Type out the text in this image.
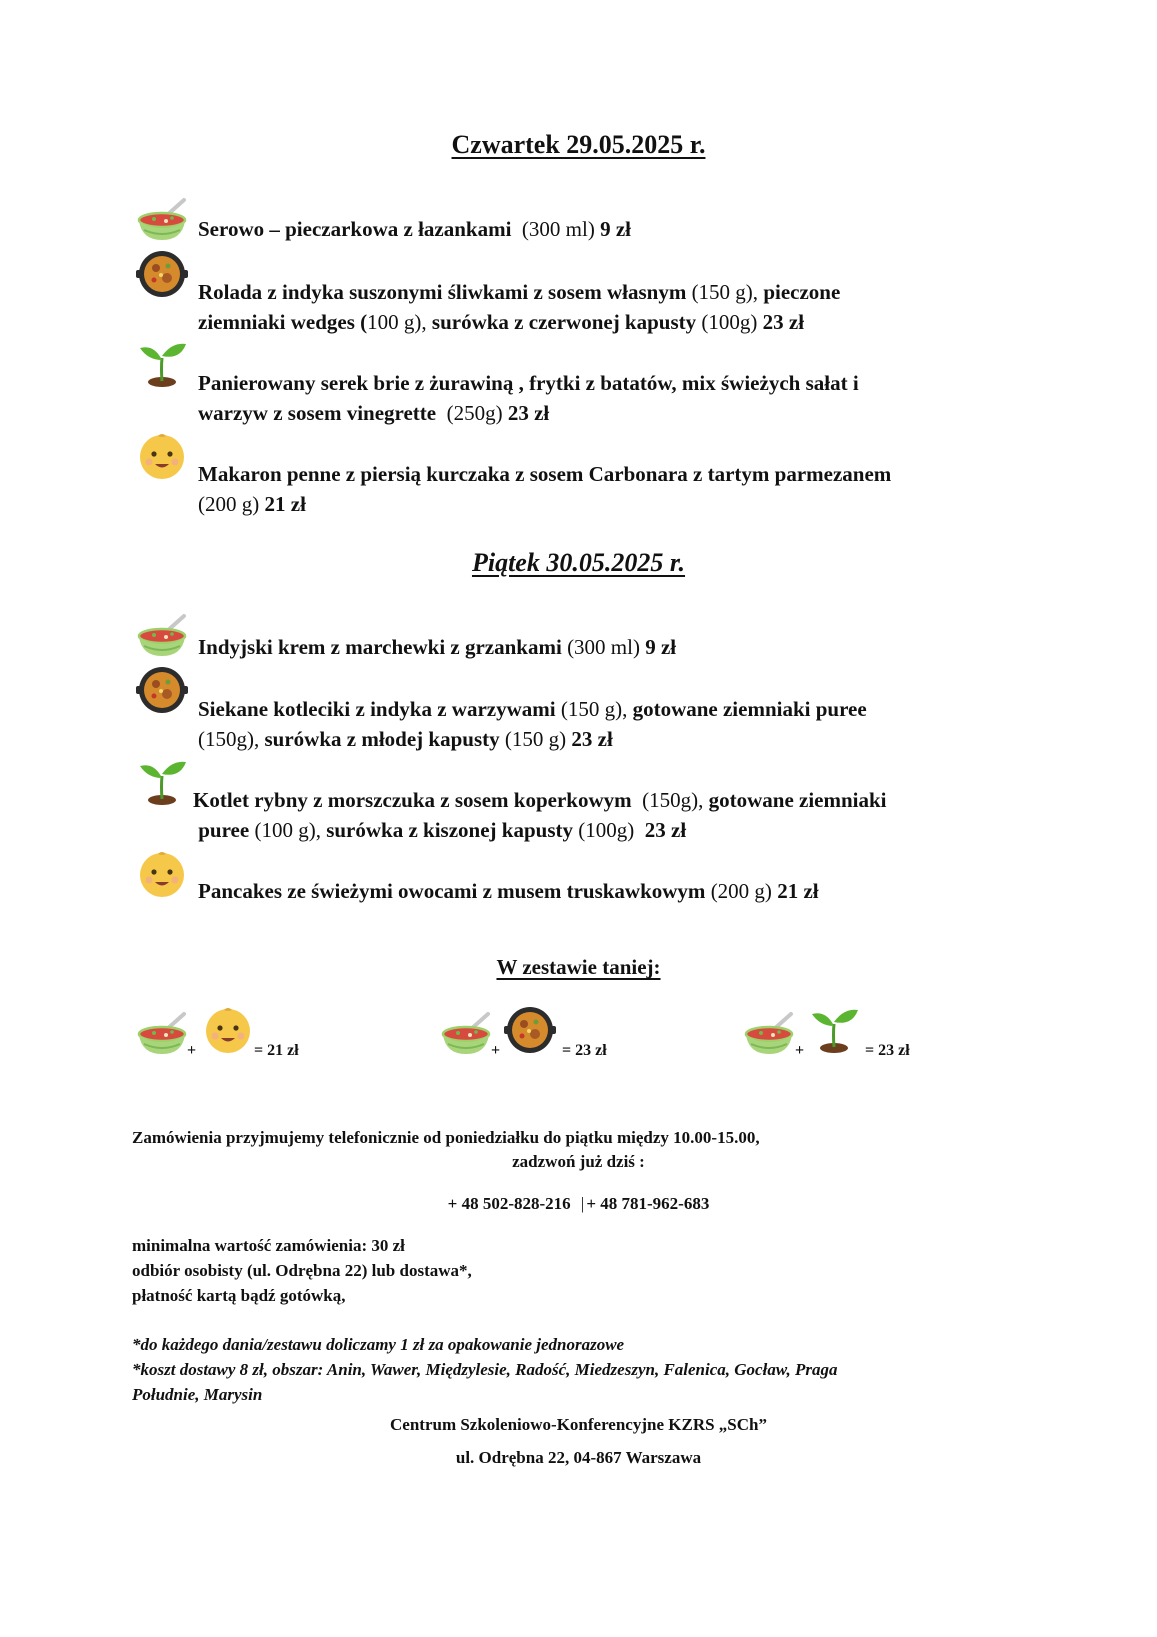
Czwartek 29.05.2025 r.
Serowo – pieczarkowa z łazankami  (300 ml) 9 zł
Rolada z indyka suszonymi śliwkami z sosem własnym (150 g), pieczone
ziemniaki wedges (100 g), surówka z czerwonej kapusty (100g) 23 zł
Panierowany serek brie z żurawiną , frytki z batatów, mix świeżych sałat i
warzyw z sosem vinegrette  (250g) 23 zł
Makaron penne z piersią kurczaka z sosem Carbonara z tartym parmezanem
(200 g) 21 zł
Piątek 30.05.2025 r.
Indyjski krem z marchewki z grzankami (300 ml) 9 zł
Siekane kotleciki z indyka z warzywami (150 g), gotowane ziemniaki puree
(150g), surówka z młodej kapusty (150 g) 23 zł
Kotlet rybny z morszczuka z sosem koperkowym  (150g), gotowane ziemniaki
puree (100 g), surówka z kiszonej kapusty (100g)  23 zł
Pancakes ze świeżymi owocami z musem truskawkowym (200 g) 21 zł
W zestawie taniej:
+	= 21 zł	+	= 23 zł	+	= 23 zł
Zamówienia przyjmujemy telefonicznie od poniedziałku do piątku między 10.00-15.00,
zadzwoń już dziś :
+ 48 502-828-216 | + 48 781-962-683
minimalna wartość zamówienia: 30 zł
odbiór osobisty (ul. Odrębna 22) lub dostawa*,
płatność kartą bądź gotówką,
*do każdego dania/zestawu doliczamy 1 zł za opakowanie jednorazowe
*koszt dostawy 8 zł, obszar: Anin, Wawer, Międzylesie, Radość, Miedzeszyn, Falenica, Gocław, Praga
Południe, Marysin
Centrum Szkoleniowo-Konferencyjne KZRS „SCh”
ul. Odrębna 22, 04-867 Warszawa
